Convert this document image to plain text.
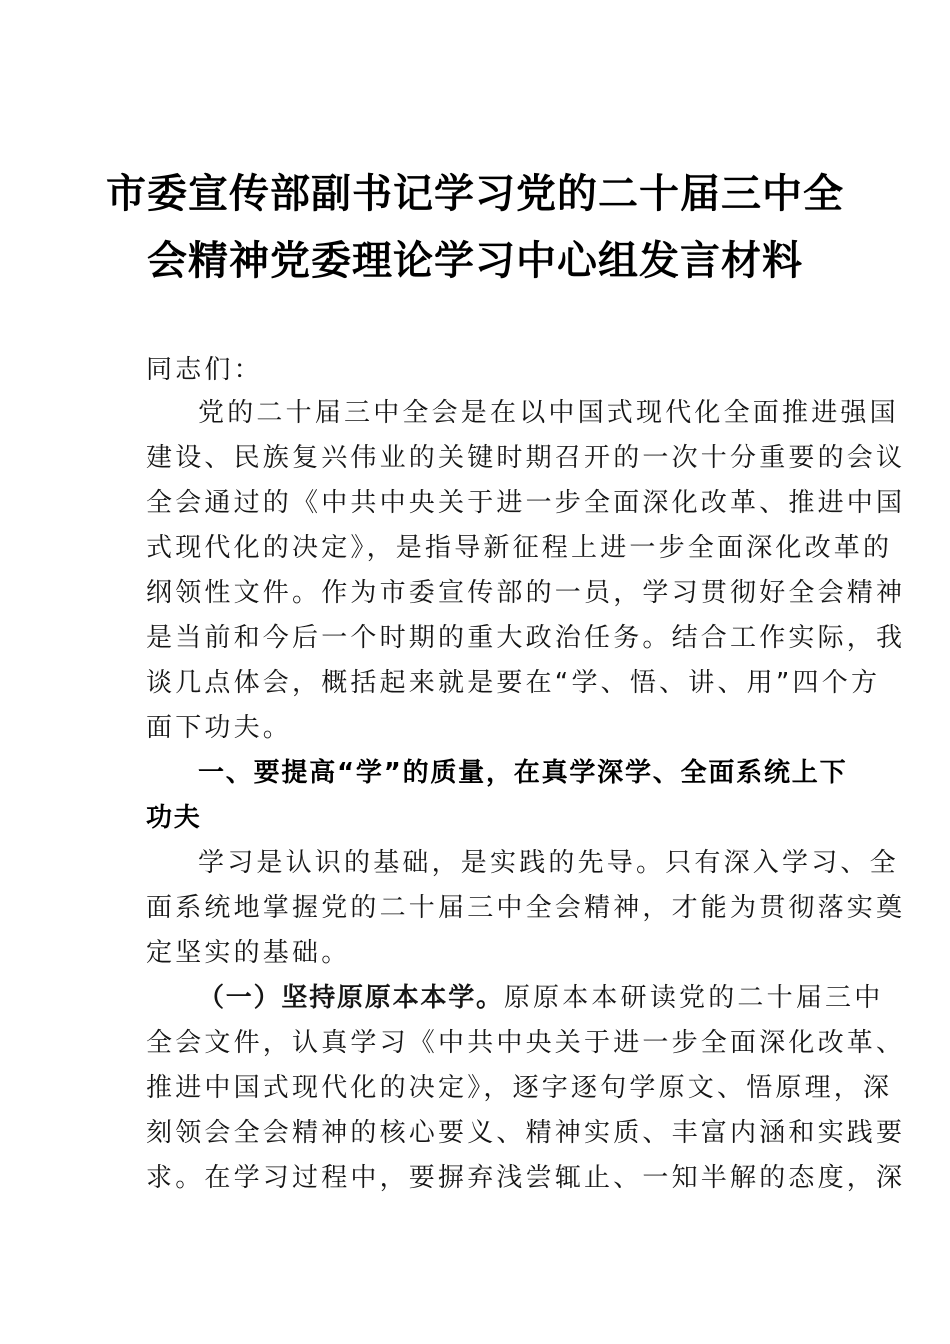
市委宣传部副书记学习党的二十届三中全
会精神党委理论学习中心组发言材料
同志们：
党的二十届三中全会是在以中国式现代化全面推进强国
建设、民族复兴伟业的关键时期召开的一次十分重要的会议
全会通过的《中共中央关于进一步全面深化改革、推进中国
式现代化的决定》，是指导新征程上进一步全面深化改革的
纲领性文件。作为市委宣传部的一员，学习贯彻好全会精神
是当前和今后一个时期的重大政治任务。结合工作实际，我
谈几点体会，概括起来就是要在“学、悟、讲、用”四个方
面下功夫。
一、要提高“学”的质量，在真学深学、全面系统上下
功夫
学习是认识的基础，是实践的先导。只有深入学习、全
面系统地掌握党的二十届三中全会精神，才能为贯彻落实奠
定坚实的基础。
（一）坚持原原本本学。原原本本研读党的二十届三中
全会文件，认真学习《中共中央关于进一步全面深化改革、
推进中国式现代化的决定》，逐字逐句学原文、悟原理，深
刻领会全会精神的核心要义、精神实质、丰富内涵和实践要
求。在学习过程中，要摒弃浅尝辄止、一知半解的态度，深
